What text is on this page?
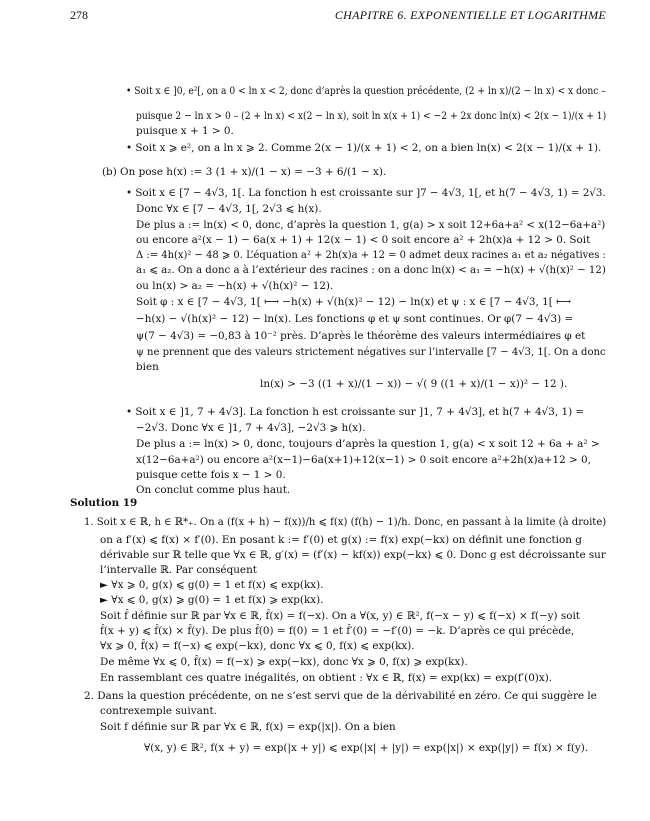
278	CHAPITRE 6. EXPONENTIELLE ET LOGARITHME
• Soit x ∈ ]0, e²[, on a 0 < ln x < 2, donc d’après la question précédente, (2 + ln x)/(2 − ln x) < x donc –
puisque 2 − ln x > 0 – (2 + ln x) < x(2 − ln x), soit ln x(x + 1) < −2 + 2x donc ln(x) < 2(x − 1)/(x + 1)
puisque x + 1 > 0.
• Soit x ⩾ e², on a ln x ⩾ 2. Comme 2(x − 1)/(x + 1) < 2, on a bien ln(x) < 2(x − 1)/(x + 1).
(b) On pose h(x) := 3 (1 + x)/(1 − x) = −3 + 6/(1 − x).
• Soit x ∈ [7 − 4√3, 1[. La fonction h est croissante sur ]7 − 4√3, 1[, et h(7 − 4√3, 1) = 2√3.
Donc ∀x ∈ [7 − 4√3, 1[, 2√3 ⩽ h(x).
De plus a := ln(x) < 0, donc, d’après la question 1, g(a) > x soit 12+6a+a² < x(12−6a+a²)
ou encore a²(x − 1) − 6a(x + 1) + 12(x − 1) < 0 soit encore a² + 2h(x)a + 12 > 0. Soit
Δ := 4h(x)² − 48 ⩾ 0. L’équation a² + 2h(x)a + 12 = 0 admet deux racines a₁ et a₂ négatives :
a₁ ⩽ a₂. On a donc a à l’extérieur des racines : on a donc ln(x) < a₁ = −h(x) + √(h(x)² − 12)
ou ln(x) > a₂ = −h(x) + √(h(x)² − 12).
Soit φ : x ∈ [7 − 4√3, 1[ ⟼ −h(x) + √(h(x)² − 12) − ln(x) et ψ : x ∈ [7 − 4√3, 1[ ⟼
−h(x) − √(h(x)² − 12) − ln(x). Les fonctions φ et ψ sont continues. Or φ(7 − 4√3) =
ψ(7 − 4√3) = −0,83 à 10⁻² près. D’après le théorème des valeurs intermédiaires φ et
ψ ne prennent que des valeurs strictement négatives sur l’intervalle [7 − 4√3, 1[. On a donc
bien
ln(x) > −3 ((1 + x)/(1 − x)) − √( 9 ((1 + x)/(1 − x))² − 12 ).
• Soit x ∈ ]1, 7 + 4√3]. La fonction h est croissante sur ]1, 7 + 4√3], et h(7 + 4√3, 1) =
−2√3. Donc ∀x ∈ ]1, 7 + 4√3], −2√3 ⩾ h(x).
De plus a := ln(x) > 0, donc, toujours d’après la question 1, g(a) < x soit 12 + 6a + a² >
x(12−6a+a²) ou encore a²(x−1)−6a(x+1)+12(x−1) > 0 soit encore a²+2h(x)a+12 > 0,
puisque cette fois x − 1 > 0.
On conclut comme plus haut.
Solution 19
1. Soit x ∈ ℝ, h ∈ ℝ*₊. On a (f(x + h) − f(x))/h ⩽ f(x) (f(h) − 1)/h. Donc, en passant à la limite (à droite)
on a f′(x) ⩽ f(x) × f′(0). En posant k := f′(0) et g(x) := f(x) exp(−kx) on définit une fonction g
dérivable sur ℝ telle que ∀x ∈ ℝ, g′(x) = (f′(x) − kf(x)) exp(−kx) ⩽ 0. Donc g est décroissante sur
l’intervalle ℝ. Par conséquent
► ∀x ⩾ 0, g(x) ⩽ g(0) = 1 et f(x) ⩽ exp(kx).
► ∀x ⩽ 0, g(x) ⩾ g(0) = 1 et f(x) ⩾ exp(kx).
Soit f̂ définie sur ℝ par ∀x ∈ ℝ, f̂(x) = f(−x). On a ∀(x, y) ∈ ℝ², f(−x − y) ⩽ f(−x) × f(−y) soit
f̂(x + y) ⩽ f̂(x) × f̂(y). De plus f̂(0) = f(0) = 1 et f̂′(0) = −f′(0) = −k. D’après ce qui précède,
∀x ⩾ 0, f̂(x) = f(−x) ⩽ exp(−kx), donc ∀x ⩽ 0, f(x) ⩽ exp(kx).
De même ∀x ⩽ 0, f̂(x) = f(−x) ⩾ exp(−kx), donc ∀x ⩾ 0, f(x) ⩾ exp(kx).
En rassemblant ces quatre inégalités, on obtient : ∀x ∈ ℝ, f(x) = exp(kx) = exp(f′(0)x).
2. Dans la question précédente, on ne s’est servi que de la dérivabilité en zéro. Ce qui suggère le
contrexemple suivant.
Soit f définie sur ℝ par ∀x ∈ ℝ, f(x) = exp(|x|). On a bien
∀(x, y) ∈ ℝ², f(x + y) = exp(|x + y|) ⩽ exp(|x| + |y|) = exp(|x|) × exp(|y|) = f(x) × f(y).
